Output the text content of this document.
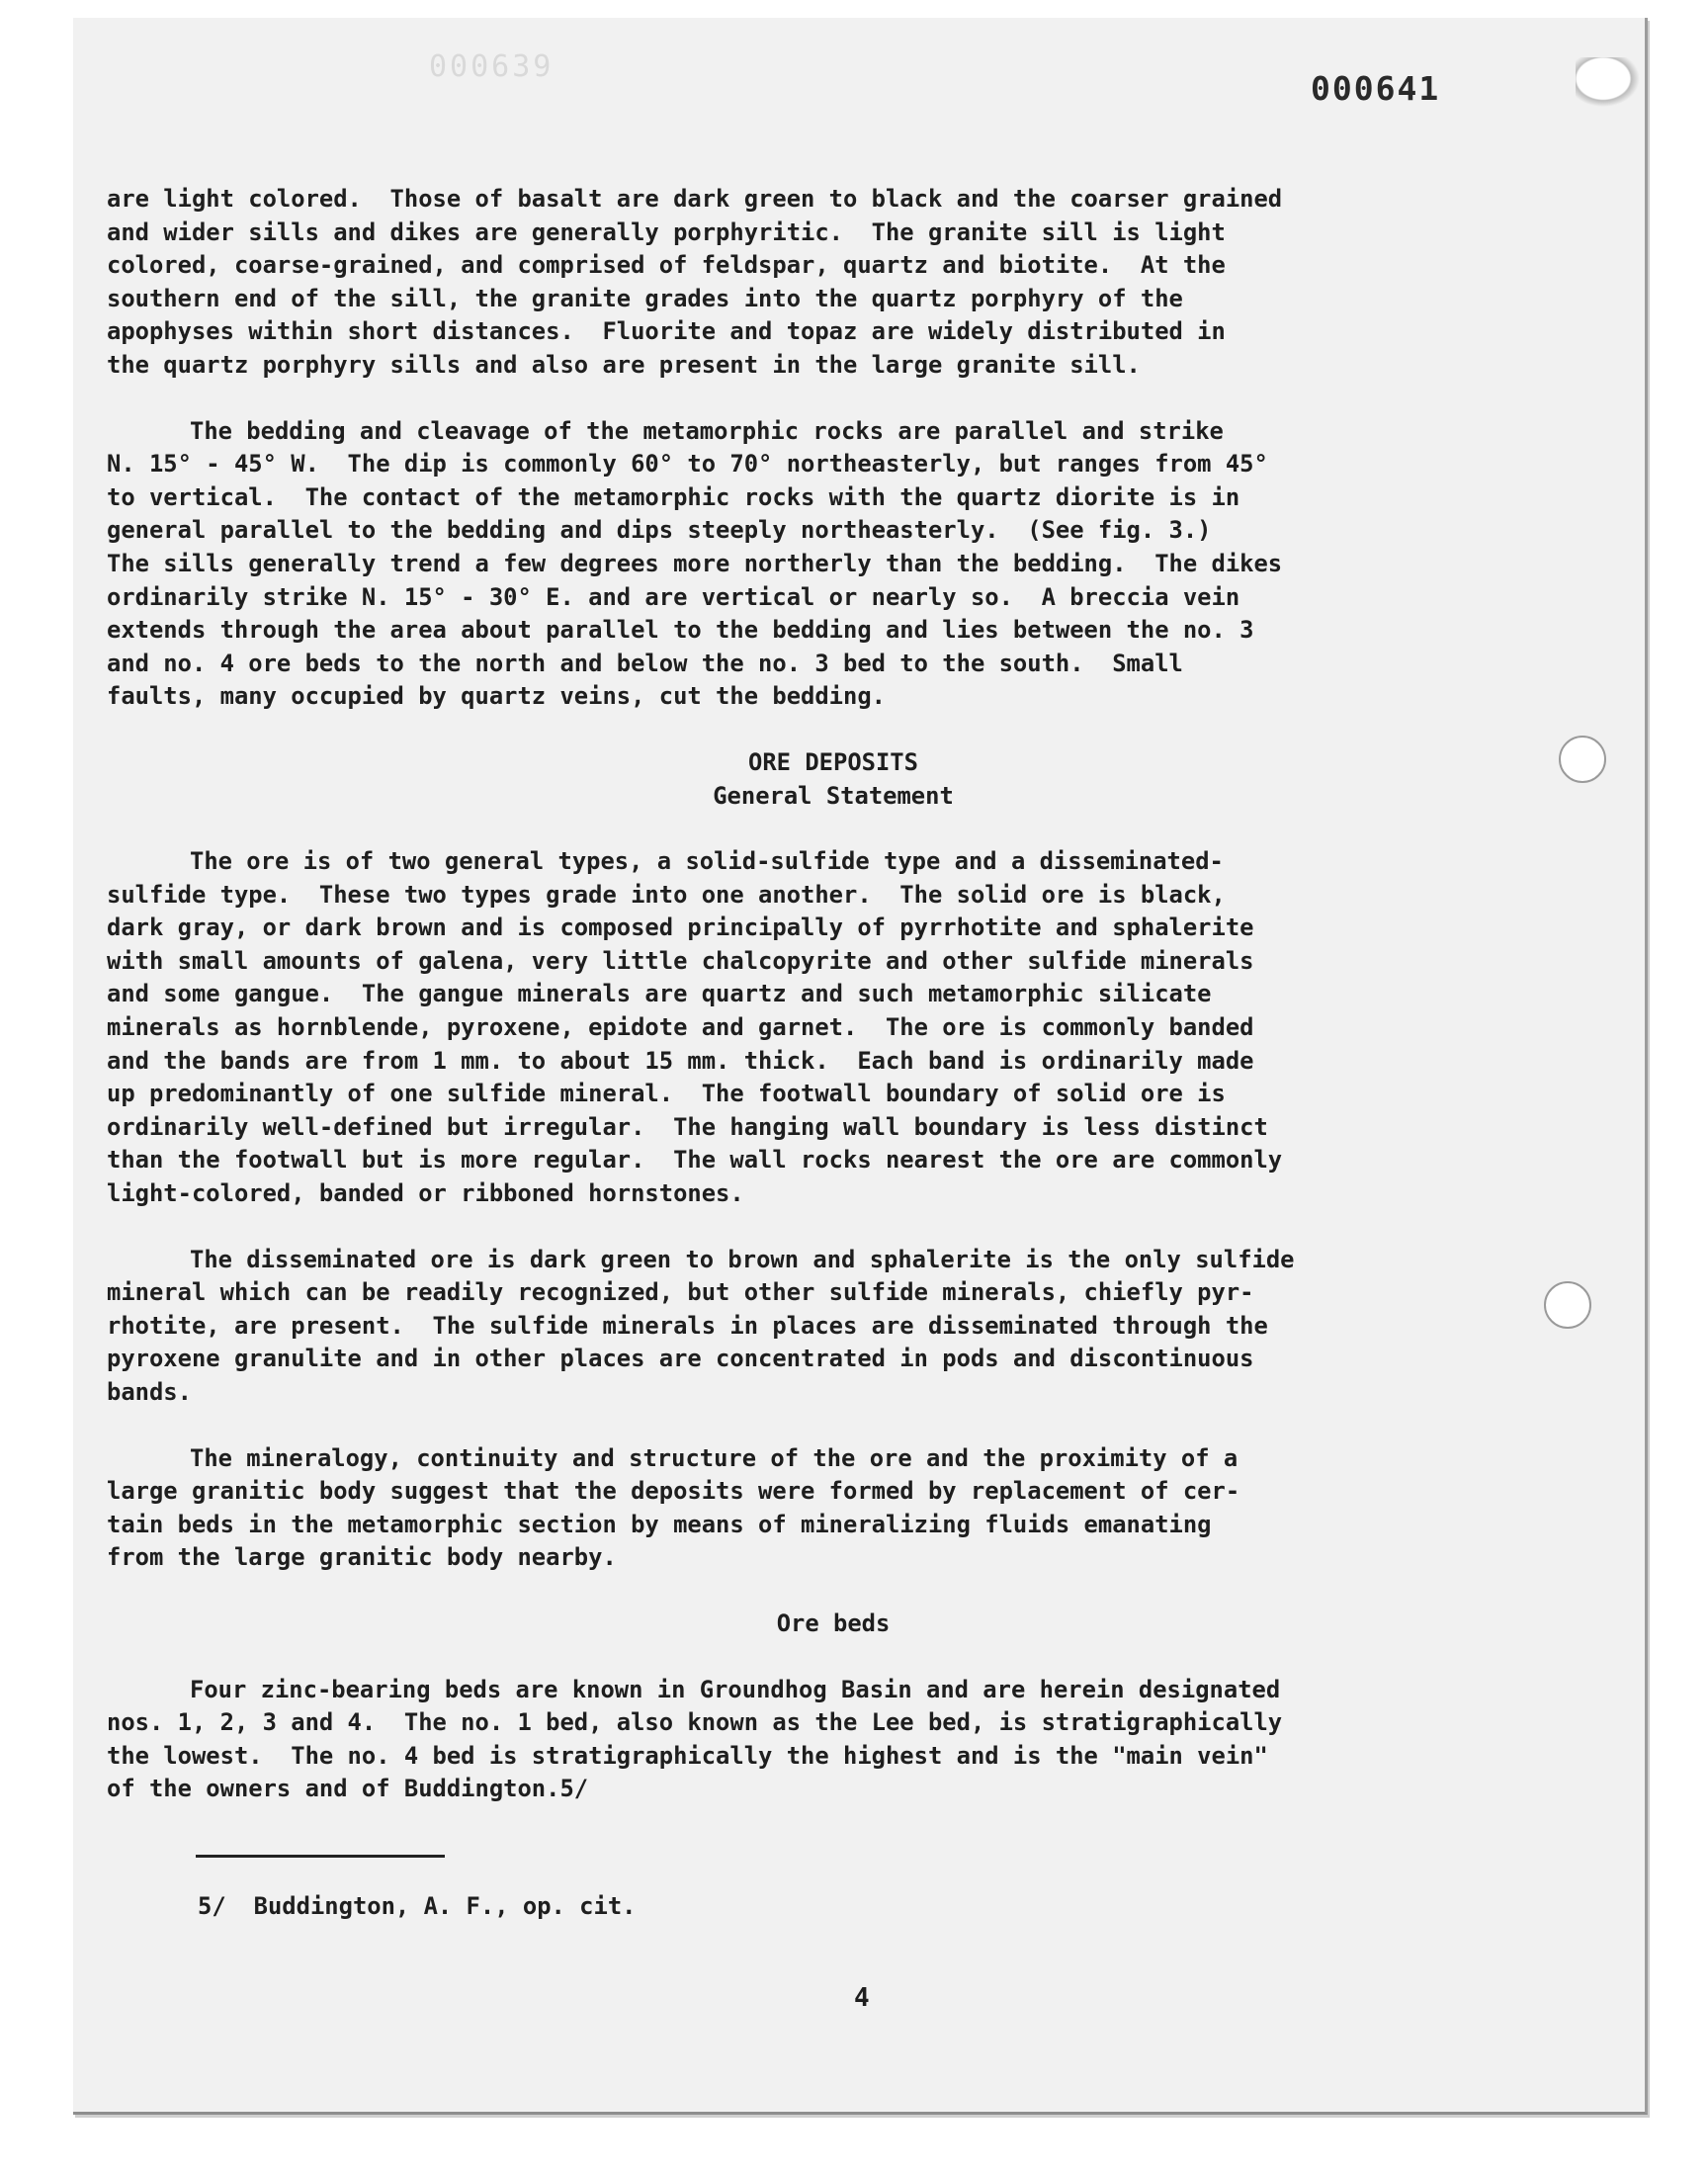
000639
000641
are light colored.  Those of basalt are dark green to black and the coarser grained
and wider sills and dikes are generally porphyritic.  The granite sill is light
colored, coarse-grained, and comprised of feldspar, quartz and biotite.  At the
southern end of the sill, the granite grades into the quartz porphyry of the
apophyses within short distances.  Fluorite and topaz are widely distributed in
the quartz porphyry sills and also are present in the large granite sill.
The bedding and cleavage of the metamorphic rocks are parallel and strike
N. 15° - 45° W.  The dip is commonly 60° to 70° northeasterly, but ranges from 45°
to vertical.  The contact of the metamorphic rocks with the quartz diorite is in
general parallel to the bedding and dips steeply northeasterly.  (See fig. 3.)
The sills generally trend a few degrees more northerly than the bedding.  The dikes
ordinarily strike N. 15° - 30° E. and are vertical or nearly so.  A breccia vein
extends through the area about parallel to the bedding and lies between the no. 3
and no. 4 ore beds to the north and below the no. 3 bed to the south.  Small
faults, many occupied by quartz veins, cut the bedding.
ORE DEPOSITS
General Statement
The ore is of two general types, a solid-sulfide type and a disseminated-
sulfide type.  These two types grade into one another.  The solid ore is black,
dark gray, or dark brown and is composed principally of pyrrhotite and sphalerite
with small amounts of galena, very little chalcopyrite and other sulfide minerals
and some gangue.  The gangue minerals are quartz and such metamorphic silicate
minerals as hornblende, pyroxene, epidote and garnet.  The ore is commonly banded
and the bands are from 1 mm. to about 15 mm. thick.  Each band is ordinarily made
up predominantly of one sulfide mineral.  The footwall boundary of solid ore is
ordinarily well-defined but irregular.  The hanging wall boundary is less distinct
than the footwall but is more regular.  The wall rocks nearest the ore are commonly
light-colored, banded or ribboned hornstones.
The disseminated ore is dark green to brown and sphalerite is the only sulfide
mineral which can be readily recognized, but other sulfide minerals, chiefly pyr-
rhotite, are present.  The sulfide minerals in places are disseminated through the
pyroxene granulite and in other places are concentrated in pods and discontinuous
bands.
The mineralogy, continuity and structure of the ore and the proximity of a
large granitic body suggest that the deposits were formed by replacement of cer-
tain beds in the metamorphic section by means of mineralizing fluids emanating
from the large granitic body nearby.
Ore beds
Four zinc-bearing beds are known in Groundhog Basin and are herein designated
nos. 1, 2, 3 and 4.  The no. 1 bed, also known as the Lee bed, is stratigraphically
the lowest.  The no. 4 bed is stratigraphically the highest and is the "main vein"
of the owners and of Buddington.5/
5/ Buddington, A. F., op. cit.
4
